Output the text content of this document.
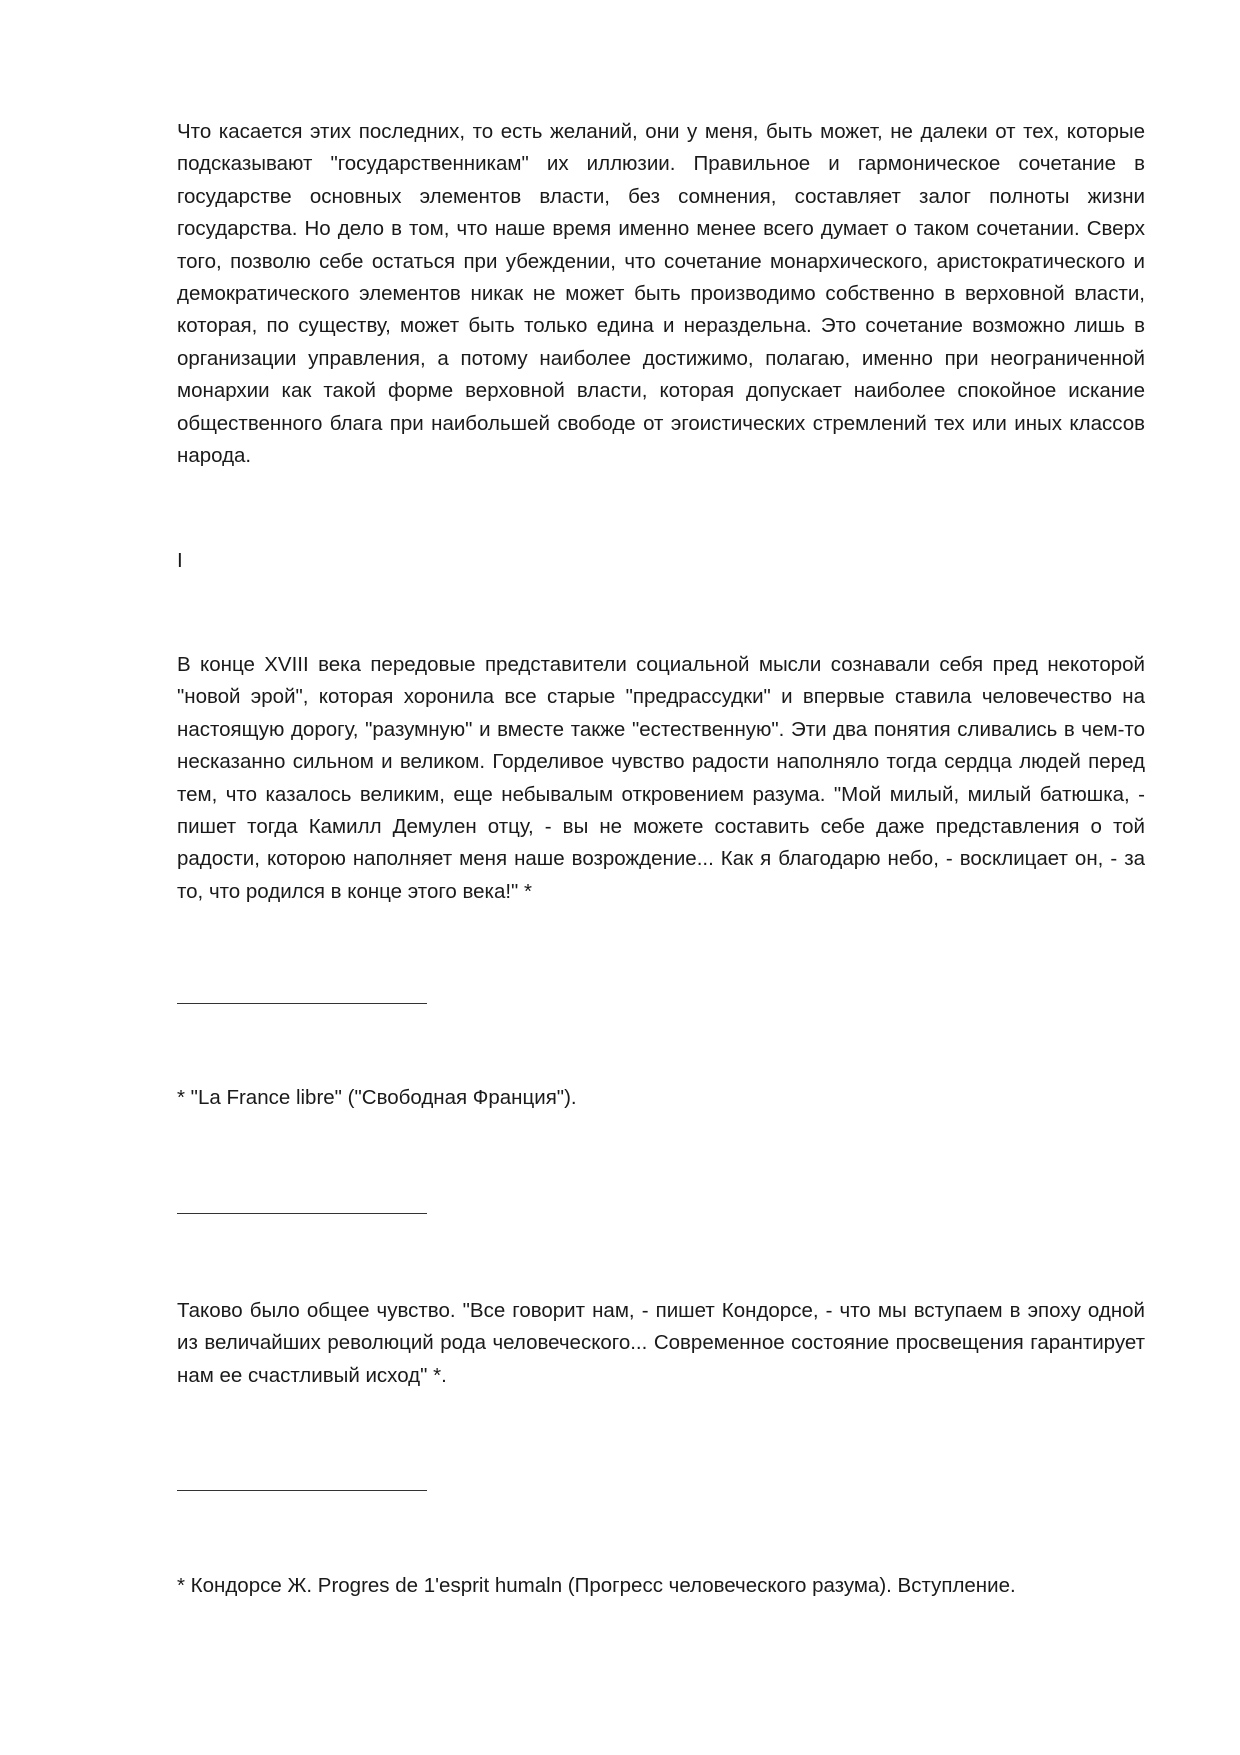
Что касается этих последних, то есть желаний, они у меня, быть может, не далеки от тех, которые подсказывают "государственникам" их иллюзии. Правильное и гармоническое сочетание в государстве основных элементов власти, без сомнения, составляет залог полноты жизни государства. Но дело в том, что наше время именно менее всего думает о таком сочетании. Сверх того, позволю себе остаться при убеждении, что сочетание монархического, аристократического и демократического элементов никак не может быть производимо собственно в верховной власти, которая, по существу, может быть только едина и нераздельна. Это сочетание возможно лишь в организации управления, а потому наиболее достижимо, полагаю, именно при неограниченной монархии как такой форме верховной власти, которая допускает наиболее спокойное искание общественного блага при наибольшей свободе от эгоистических стремлений тех или иных классов народа.

I

В конце XVIII века передовые представители социальной мысли сознавали себя пред некоторой "новой эрой", которая хоронила все старые "предрассудки" и впервые ставила человечество на настоящую дорогу, "разумную" и вместе также "естественную". Эти два понятия сливались в чем-то несказанно сильном и великом. Горделивое чувство радости наполняло тогда сердца людей перед тем, что казалось великим, еще небывалым откровением разума. "Мой милый, милый батюшка, - пишет тогда Камилл Демулен отцу, - вы не можете составить себе даже представления о той радости, которою наполняет меня наше возрождение... Как я благодарю небо, - восклицает он, - за то, что родился в конце этого века!" *

* "La France libre" ("Свободная Франция").

Таково было общее чувство. "Все говорит нам, - пишет Кондорсе, - что мы вступаем в эпоху одной из величайших революций рода человеческого... Современное состояние просвещения гарантирует нам ее счастливый исход" *.

* Кондорсе Ж. Progres de 1'esprit humaln (Прогресс человеческого разума). Вступление.
